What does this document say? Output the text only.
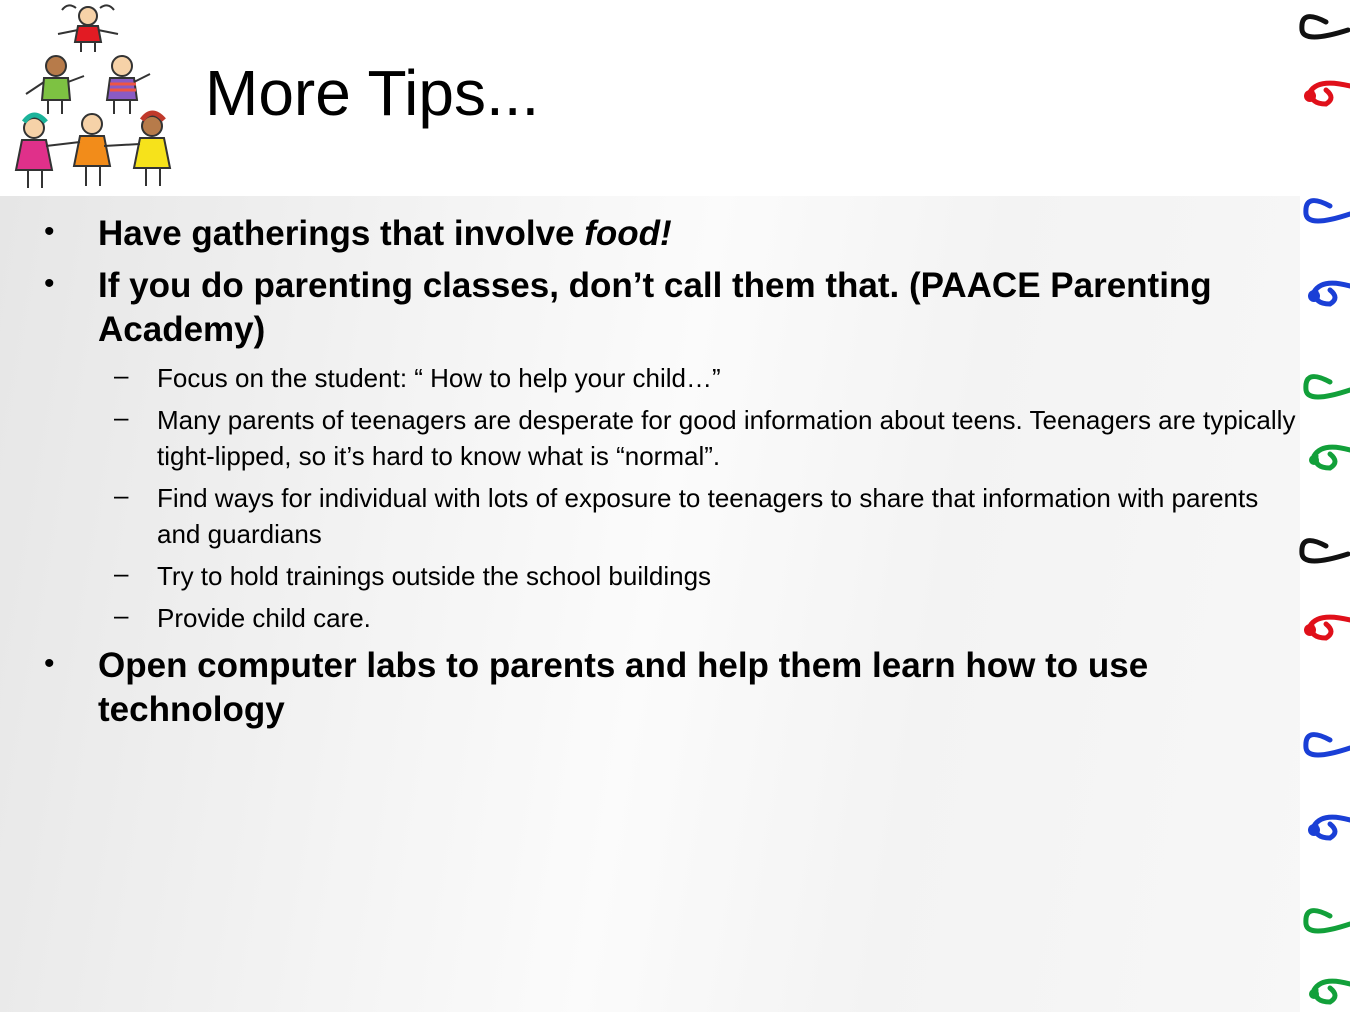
More Tips...
•	Have gatherings that involve food!
•	If you do parenting classes, don’t call them that. (PAACE Parenting Academy)
–	Focus on the student: “ How to help your child…”
–	Many parents of teenagers are desperate for good information about teens. Teenagers are typically tight-lipped, so it’s hard to know what is “normal”.
–	Find ways for individual with lots of exposure to teenagers to share that information with parents and guardians
–	Try to hold trainings outside the school buildings
–	Provide child care.
•	Open computer labs to parents and help them learn how to use technology
